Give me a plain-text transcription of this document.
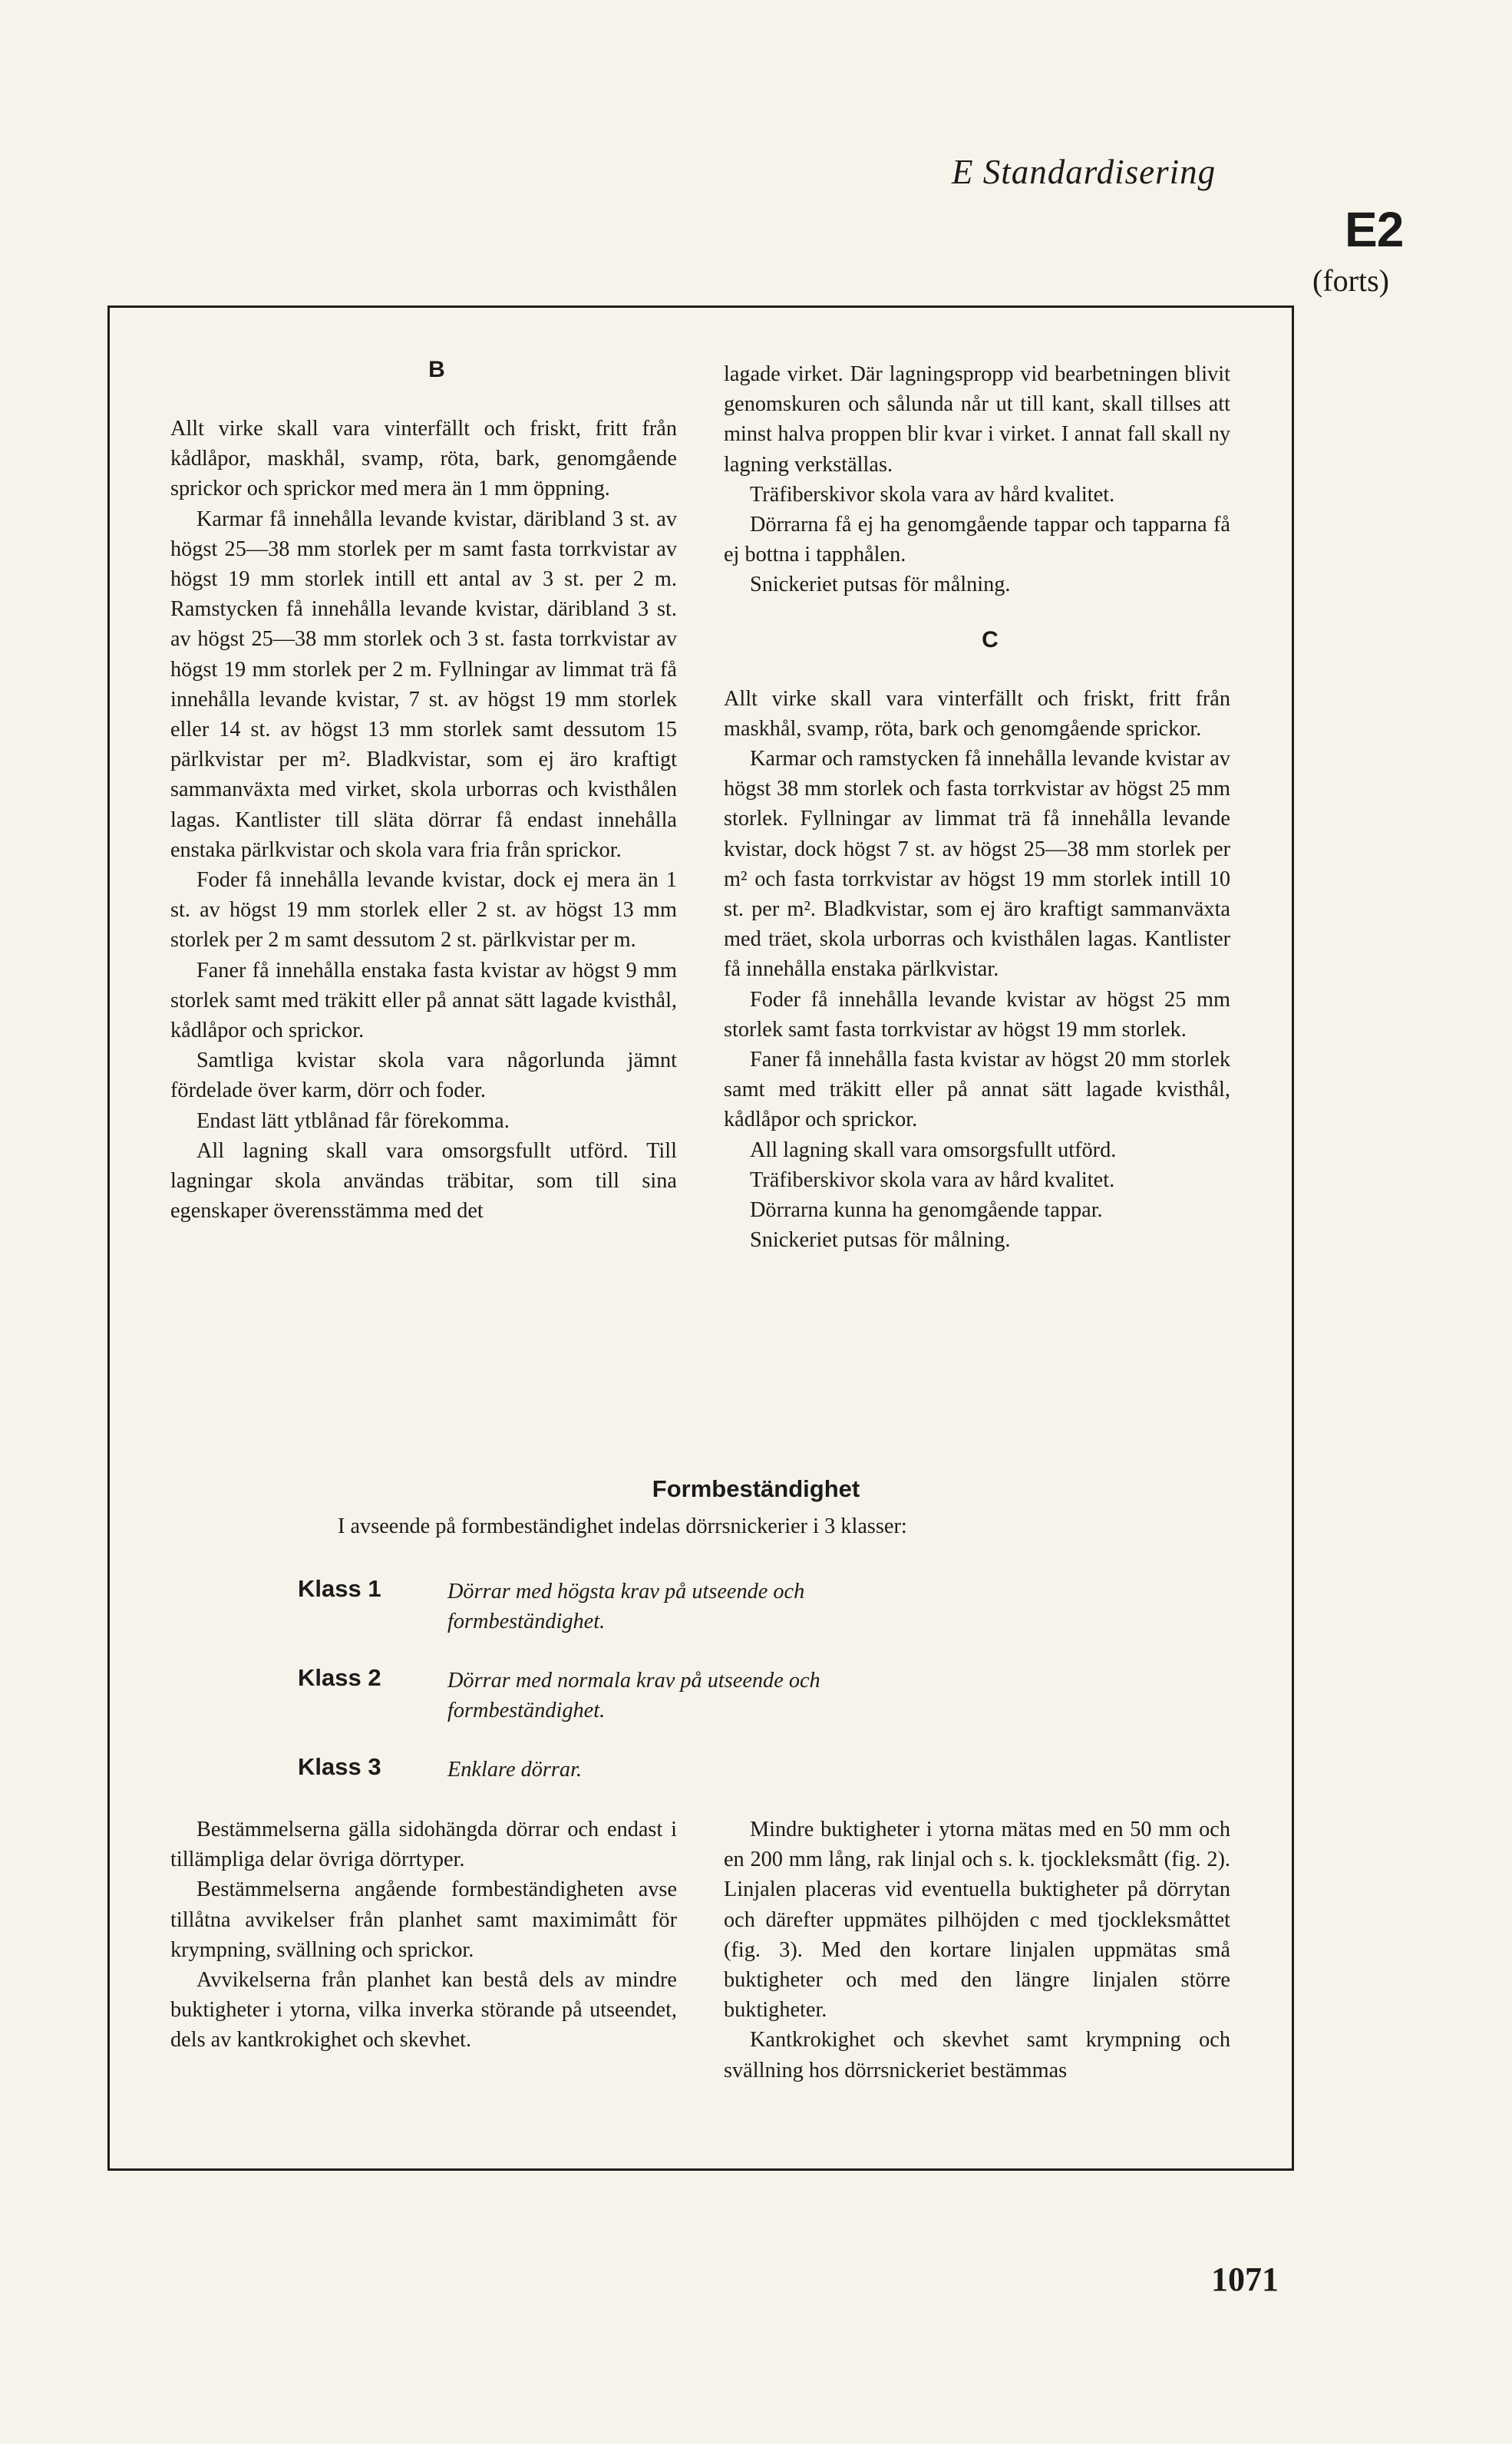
E Standardisering
E2
(forts)

B

Allt virke skall vara vinterfällt och friskt, fritt från kådlåpor, maskhål, svamp, röta, bark, genomgående sprickor och sprickor med mera än 1 mm öppning.

Karmar få innehålla levande kvistar, däribland 3 st. av högst 25—38 mm storlek per m samt fasta torrkvistar av högst 19 mm storlek intill ett antal av 3 st. per 2 m. Ramstycken få innehålla levande kvistar, däribland 3 st. av högst 25—38 mm storlek och 3 st. fasta torrkvistar av högst 19 mm storlek per 2 m. Fyllningar av limmat trä få innehålla levande kvistar, 7 st. av högst 19 mm storlek eller 14 st. av högst 13 mm storlek samt dessutom 15 pärlkvistar per m². Bladkvistar, som ej äro kraftigt sammanväxta med virket, skola urborras och kvisthålen lagas. Kantlister till släta dörrar få endast innehålla enstaka pärlkvistar och skola vara fria från sprickor.

Foder få innehålla levande kvistar, dock ej mera än 1 st. av högst 19 mm storlek eller 2 st. av högst 13 mm storlek per 2 m samt dessutom 2 st. pärlkvistar per m.

Faner få innehålla enstaka fasta kvistar av högst 9 mm storlek samt med träkitt eller på annat sätt lagade kvisthål, kådlåpor och sprickor.

Samtliga kvistar skola vara någorlunda jämnt fördelade över karm, dörr och foder.

Endast lätt ytblånad får förekomma.

All lagning skall vara omsorgsfullt utförd. Till lagningar skola användas träbitar, som till sina egenskaper överensstämma med det

lagade virket. Där lagningspropp vid bearbetningen blivit genomskuren och sålunda når ut till kant, skall tillses att minst halva proppen blir kvar i virket. I annat fall skall ny lagning verkställas.

Träfiberskivor skola vara av hård kvalitet.

Dörrarna få ej ha genomgående tappar och tapparna få ej bottna i tapphålen.

Snickeriet putsas för målning.

C

Allt virke skall vara vinterfällt och friskt, fritt från maskhål, svamp, röta, bark och genomgående sprickor.

Karmar och ramstycken få innehålla levande kvistar av högst 38 mm storlek och fasta torrkvistar av högst 25 mm storlek. Fyllningar av limmat trä få innehålla levande kvistar, dock högst 7 st. av högst 25—38 mm storlek per m² och fasta torrkvistar av högst 19 mm storlek intill 10 st. per m². Bladkvistar, som ej äro kraftigt sammanväxta med träet, skola urborras och kvisthålen lagas. Kantlister få innehålla enstaka pärlkvistar.

Foder få innehålla levande kvistar av högst 25 mm storlek samt fasta torrkvistar av högst 19 mm storlek.

Faner få innehålla fasta kvistar av högst 20 mm storlek samt med träkitt eller på annat sätt lagade kvisthål, kådlåpor och sprickor.

All lagning skall vara omsorgsfullt utförd.

Träfiberskivor skola vara av hård kvalitet.

Dörrarna kunna ha genomgående tappar.

Snickeriet putsas för målning.

Formbeständighet
I avseende på formbeständighet indelas dörrsnickerier i 3 klasser:
Klass 1	Dörrar med högsta krav på utseende och formbeständighet.
Klass 2	Dörrar med normala krav på utseende och formbeständighet.
Klass 3	Enklare dörrar.

Bestämmelserna gälla sidohängda dörrar och endast i tillämpliga delar övriga dörrtyper.

Bestämmelserna angående formbeständigheten avse tillåtna avvikelser från planhet samt maximimått för krympning, svällning och sprickor.

Avvikelserna från planhet kan bestå dels av mindre buktigheter i ytorna, vilka inverka störande på utseendet, dels av kantkrokighet och skevhet.

Mindre buktigheter i ytorna mätas med en 50 mm och en 200 mm lång, rak linjal och s. k. tjockleksmått (fig. 2). Linjalen placeras vid eventuella buktigheter på dörrytan och därefter uppmätes pilhöjden c med tjockleksmåttet (fig. 3). Med den kortare linjalen uppmätas små buktigheter och med den längre linjalen större buktigheter.

Kantkrokighet och skevhet samt krympning och svällning hos dörrsnickeriet bestämmas

1071
